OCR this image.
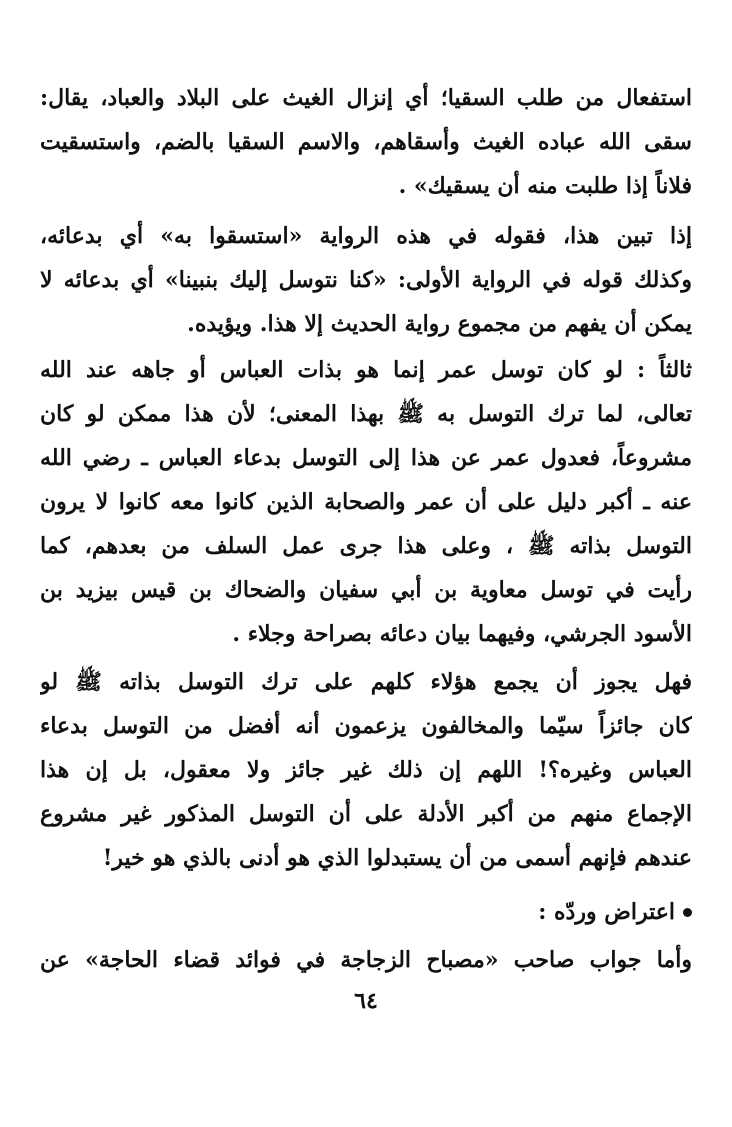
استفعال من طلب السقيا؛ أي إنزال الغيث على البلاد والعباد، يقال:
سقى الله عباده الغيث وأسقاهم، والاسم السقيا بالضم، واستسقيت
فلاناً إذا طلبت منه أن يسقيك» .

إذا تبين هذا، فقوله في هذه الرواية «استسقوا به» أي بدعائه،
وكذلك قوله في الرواية الأولى: «كنا نتوسل إليك بنبينا» أي بدعائه لا
يمكن أن يفهم من مجموع رواية الحديث إلا هذا. ويؤيده.

ثالثاً : لو كان توسل عمر إنما هو بذات العباس أو جاهه عند الله
تعالى، لما ترك التوسل به ﷺ بهذا المعنى؛ لأن هذا ممكن لو كان
مشروعاً، فعدول عمر عن هذا إلى التوسل بدعاء العباس ـ رضي الله
عنه ـ أكبر دليل على أن عمر والصحابة الذين كانوا معه كانوا لا يرون
التوسل بذاته ﷺ ، وعلى هذا جرى عمل السلف من بعدهم، كما
رأيت في توسل معاوية بن أبي سفيان والضحاك بن قيس بيزيد بن
الأسود الجرشي، وفيهما بيان دعائه بصراحة وجلاء .

فهل يجوز أن يجمع هؤلاء كلهم على ترك التوسل بذاته ﷺ لو
كان جائزاً سيّما والمخالفون يزعمون أنه أفضل من التوسل بدعاء
العباس وغيره؟! اللهم إن ذلك غير جائز ولا معقول، بل إن هذا
الإجماع منهم من أكبر الأدلة على أن التوسل المذكور غير مشروع
عندهم فإنهم أسمى من أن يستبدلوا الذي هو أدنى بالذي هو خير!

اعتراض وردّه :

وأما جواب صاحب «مصباح الزجاجة في فوائد قضاء الحاجة» عن

٦٤
